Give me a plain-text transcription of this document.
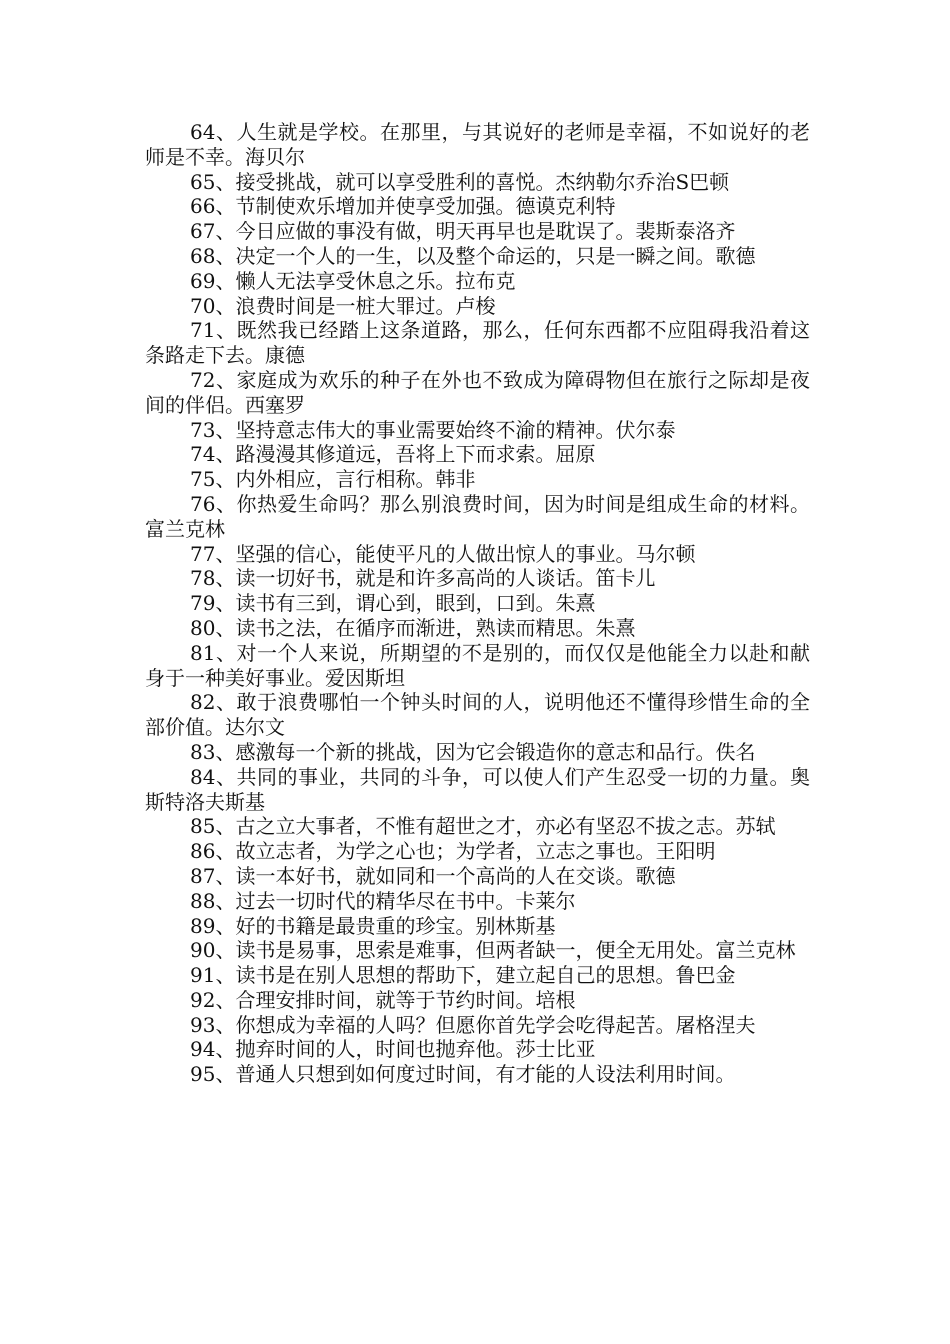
64、人生就是学校。在那里，与其说好的老师是幸福，不如说好的老师是不幸。海贝尔

65、接受挑战，就可以享受胜利的喜悦。杰纳勒尔乔治S巴顿

66、节制使欢乐增加并使享受加强。德谟克利特

67、今日应做的事没有做，明天再早也是耽误了。裴斯泰洛齐

68、决定一个人的一生，以及整个命运的，只是一瞬之间。歌德

69、懒人无法享受休息之乐。拉布克

70、浪费时间是一桩大罪过。卢梭

71、既然我已经踏上这条道路，那么，任何东西都不应阻碍我沿着这条路走下去。康德

72、家庭成为欢乐的种子在外也不致成为障碍物但在旅行之际却是夜间的伴侣。西塞罗

73、坚持意志伟大的事业需要始终不渝的精神。伏尔泰

74、路漫漫其修道远，吾将上下而求索。屈原

75、内外相应，言行相称。韩非

76、你热爱生命吗？那么别浪费时间，因为时间是组成生命的材料。富兰克林

77、坚强的信心，能使平凡的人做出惊人的事业。马尔顿

78、读一切好书，就是和许多高尚的人谈话。笛卡儿

79、读书有三到，谓心到，眼到，口到。朱熹

80、读书之法，在循序而渐进，熟读而精思。朱熹

81、对一个人来说，所期望的不是别的，而仅仅是他能全力以赴和献身于一种美好事业。爱因斯坦

82、敢于浪费哪怕一个钟头时间的人，说明他还不懂得珍惜生命的全部价值。达尔文

83、感激每一个新的挑战，因为它会锻造你的意志和品行。佚名

84、共同的事业，共同的斗争，可以使人们产生忍受一切的力量。奥斯特洛夫斯基

85、古之立大事者，不惟有超世之才，亦必有坚忍不拔之志。苏轼

86、故立志者，为学之心也；为学者，立志之事也。王阳明

87、读一本好书，就如同和一个高尚的人在交谈。歌德

88、过去一切时代的精华尽在书中。卡莱尔

89、好的书籍是最贵重的珍宝。别林斯基

90、读书是易事，思索是难事，但两者缺一，便全无用处。富兰克林

91、读书是在别人思想的帮助下，建立起自己的思想。鲁巴金

92、合理安排时间，就等于节约时间。培根

93、你想成为幸福的人吗？但愿你首先学会吃得起苦。屠格涅夫

94、抛弃时间的人，时间也抛弃他。莎士比亚

95、普通人只想到如何度过时间，有才能的人设法利用时间。
